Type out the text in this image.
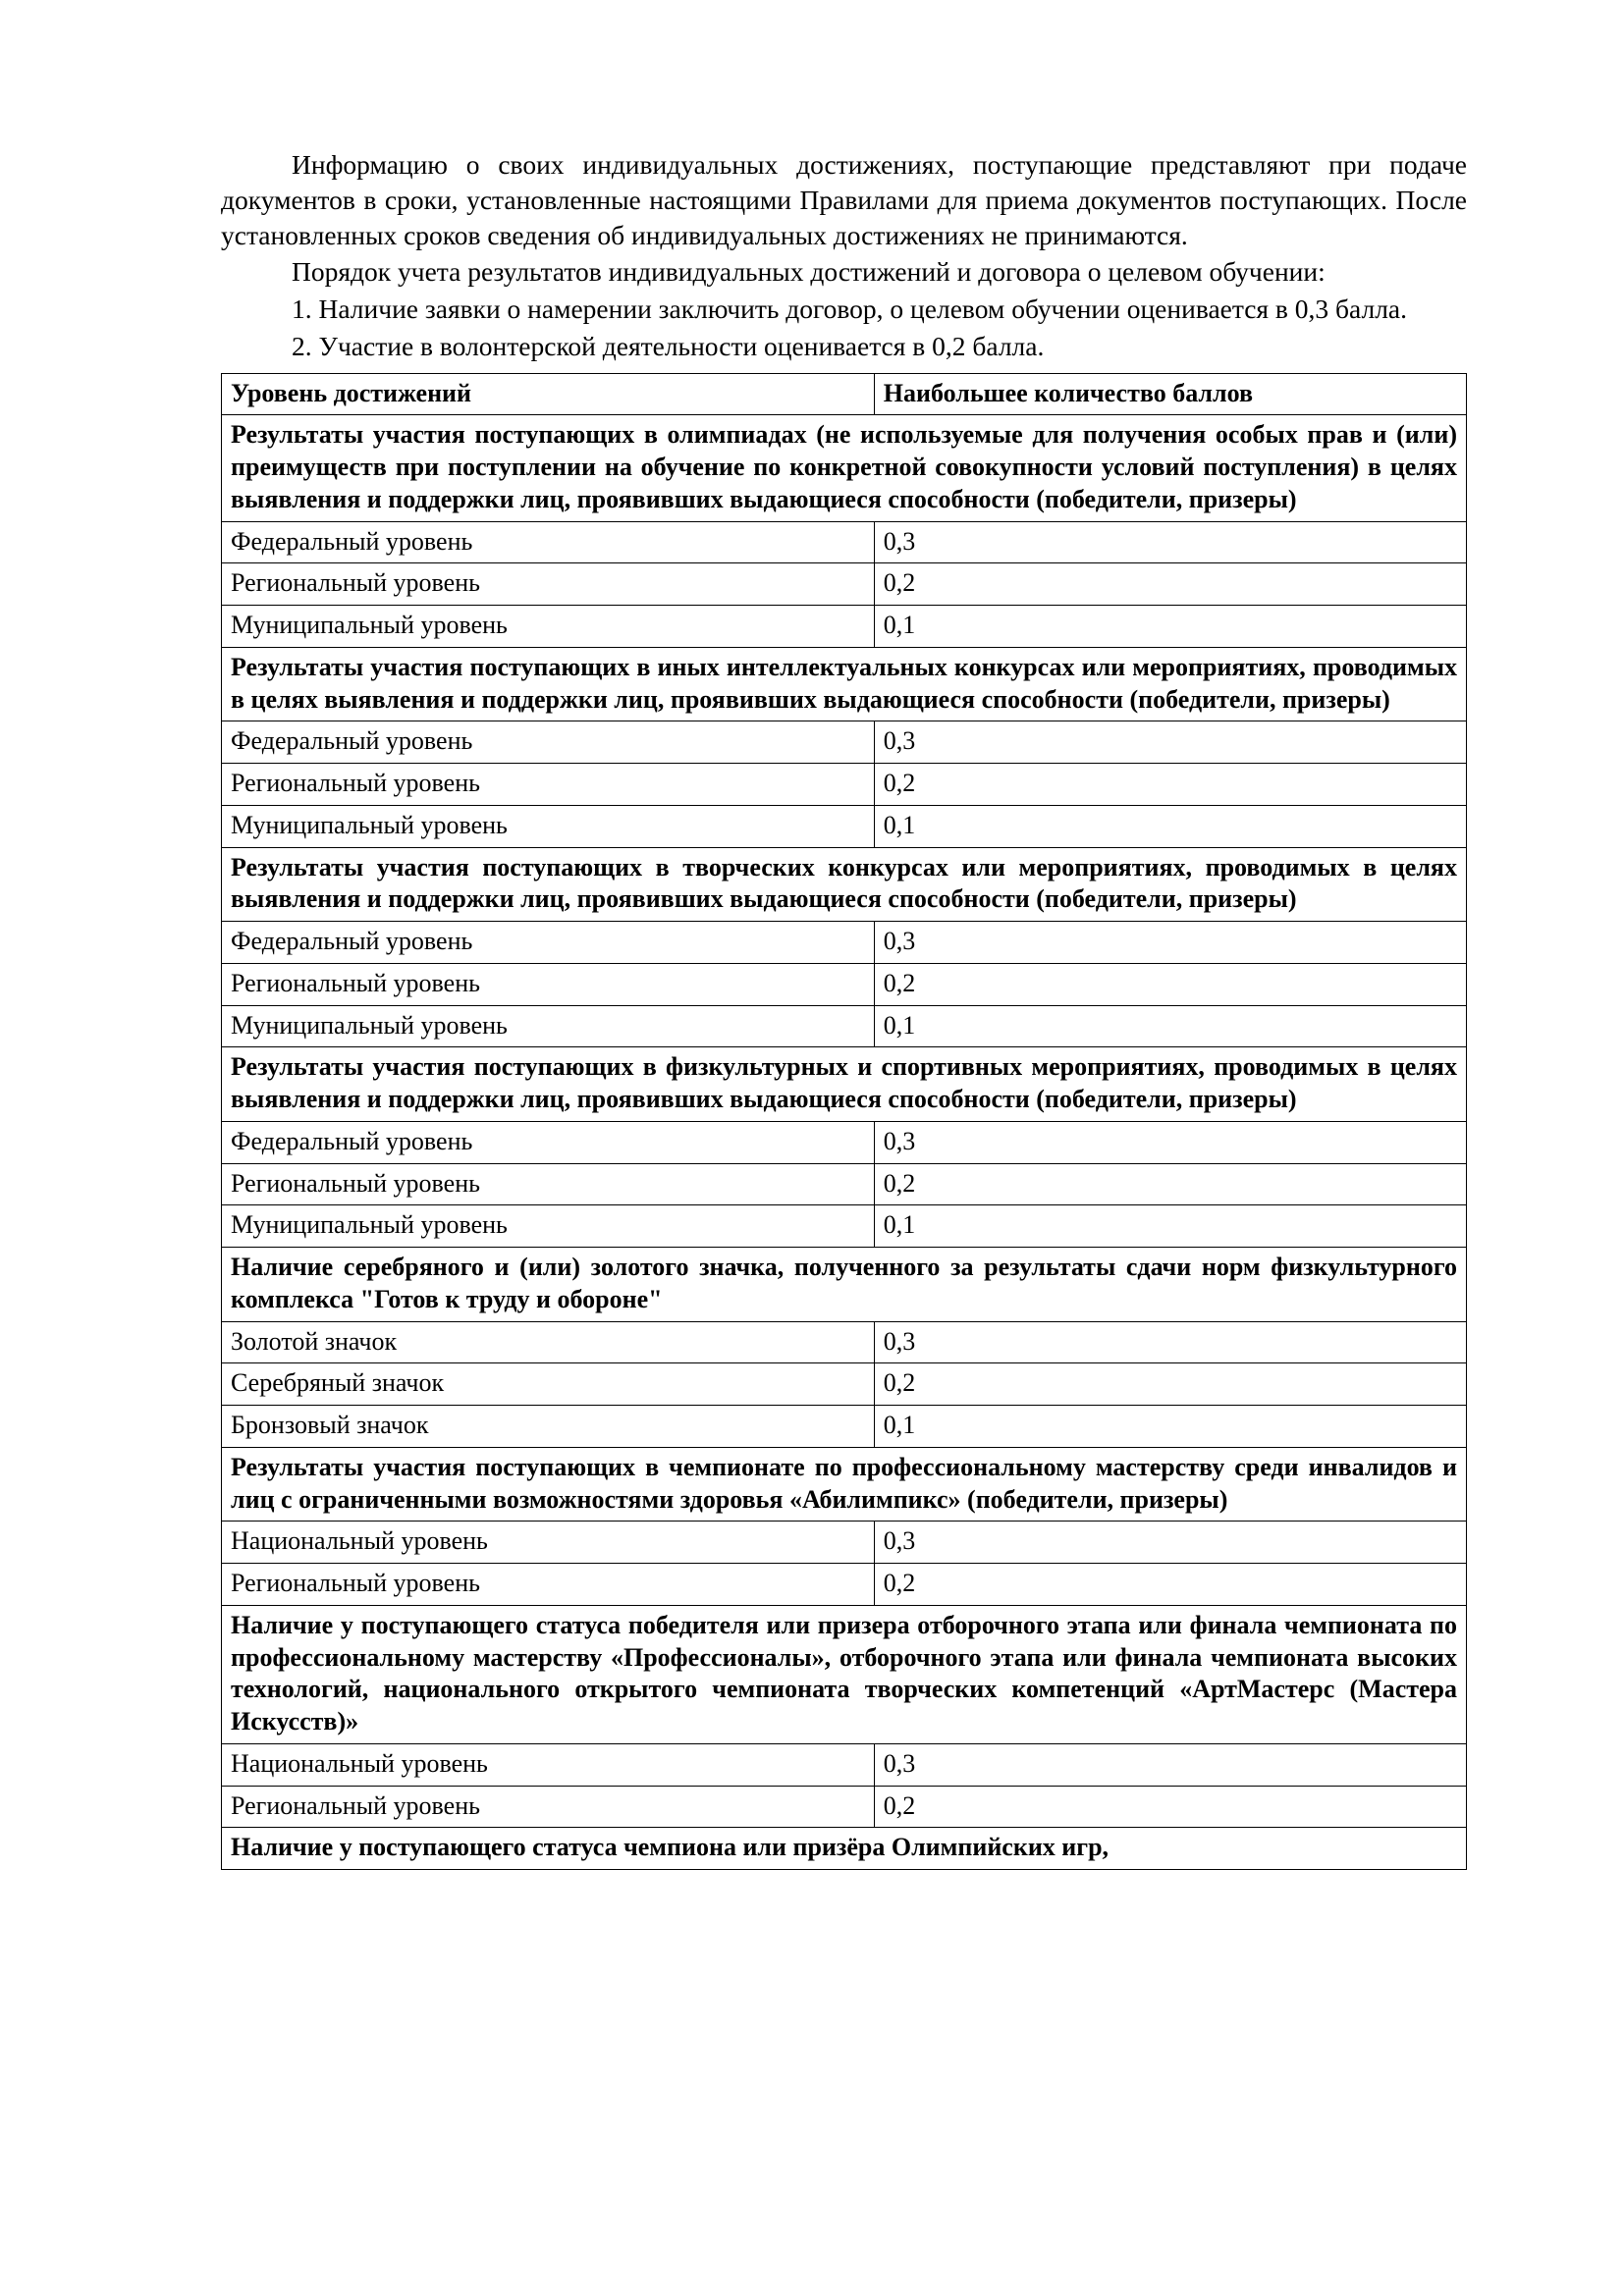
Информацию о своих индивидуальных достижениях, поступающие представляют при подаче документов в сроки, установленные настоящими Правилами для приема документов поступающих. После установленных сроков сведения об индивидуальных достижениях не принимаются.

Порядок учета результатов индивидуальных достижений и договора о целевом обучении:

1. Наличие заявки о намерении заключить договор, о целевом обучении оценивается в 0,3 балла.

2. Участие в волонтерской деятельности оценивается в 0,2 балла.

Уровень достижений	Наибольшее количество баллов
Результаты участия поступающих в олимпиадах (не используемые для получения особых прав и (или) преимуществ при поступлении на обучение по конкретной совокупности условий поступления) в целях выявления и поддержки лиц, проявивших выдающиеся способности (победители, призеры)	
Федеральный уровень	0,3
Региональный уровень	0,2
Муниципальный уровень	0,1
Результаты участия поступающих в иных интеллектуальных конкурсах или мероприятиях, проводимых в целях выявления и поддержки лиц, проявивших выдающиеся способности (победители, призеры)	
Федеральный уровень	0,3
Региональный уровень	0,2
Муниципальный уровень	0,1
Результаты участия поступающих в творческих конкурсах или мероприятиях, проводимых в целях выявления и поддержки лиц, проявивших выдающиеся способности (победители, призеры)	
Федеральный уровень	0,3
Региональный уровень	0,2
Муниципальный уровень	0,1
Результаты участия поступающих в физкультурных и спортивных мероприятиях, проводимых в целях выявления и поддержки лиц, проявивших выдающиеся способности (победители, призеры)	
Федеральный уровень	0,3
Региональный уровень	0,2
Муниципальный уровень	0,1
Наличие серебряного и (или) золотого значка, полученного за результаты сдачи норм физкультурного комплекса "Готов к труду и обороне"	
Золотой значок	0,3
Серебряный значок	0,2
Бронзовый значок	0,1
Результаты участия поступающих в чемпионате по профессиональному мастерству среди инвалидов и лиц с ограниченными возможностями здоровья «Абилимпикс» (победители, призеры)	
Национальный уровень	0,3
Региональный уровень	0,2
Наличие у поступающего статуса победителя или призера отборочного этапа или финала чемпионата по профессиональному мастерству «Профессионалы», отборочного этапа или финала чемпионата высоких технологий, национального открытого чемпионата творческих компетенций «АртМастерс (Мастера Искусств)»	
Национальный уровень	0,3
Региональный уровень	0,2
Наличие у поступающего статуса чемпиона или призёра Олимпийских игр,	
